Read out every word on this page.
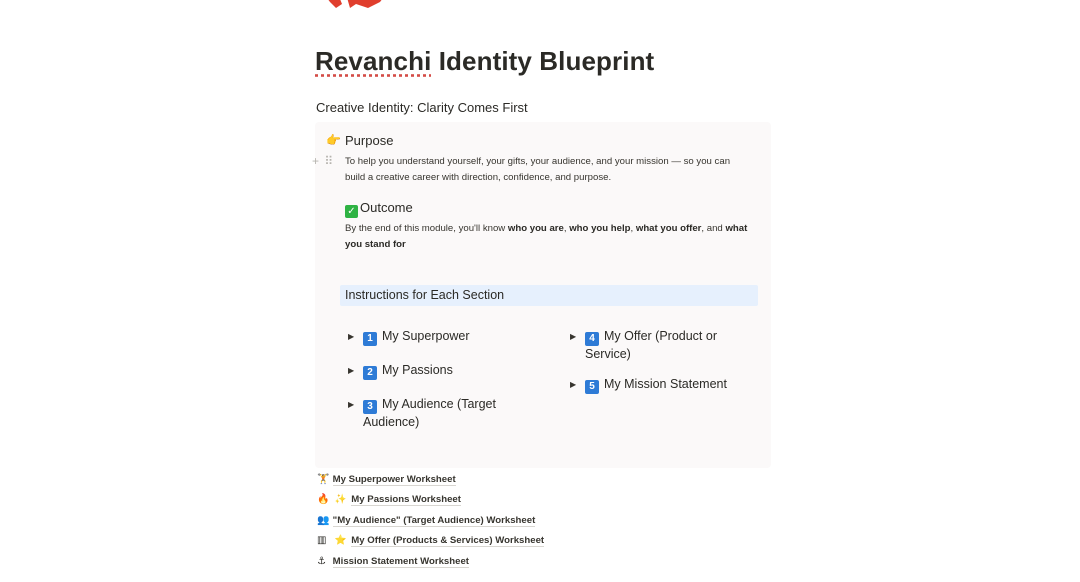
Revanchi Identity Blueprint
Creative Identity: Clarity Comes First
👉 Purpose
+ ⠿ To help you understand yourself, your gifts, your audience, and your mission — so you can build a creative career with direction, confidence, and purpose.
✓ Outcome
By the end of this module, you'll know who you are, who you help, what you offer, and what you stand for
Instructions for Each Section
▶	1 My Superpower
▶	2 My Passions
▶	3 My Audience (Target Audience)
▶	4 My Offer (Product or Service)
▶	5 My Mission Statement
🏋 My Superpower Worksheet
🔥 ✨ My Passions Worksheet
👥 "My Audience" (Target Audience) Worksheet
▥ ⭐ My Offer (Products & Services) Worksheet
⚓ Mission Statement Worksheet
